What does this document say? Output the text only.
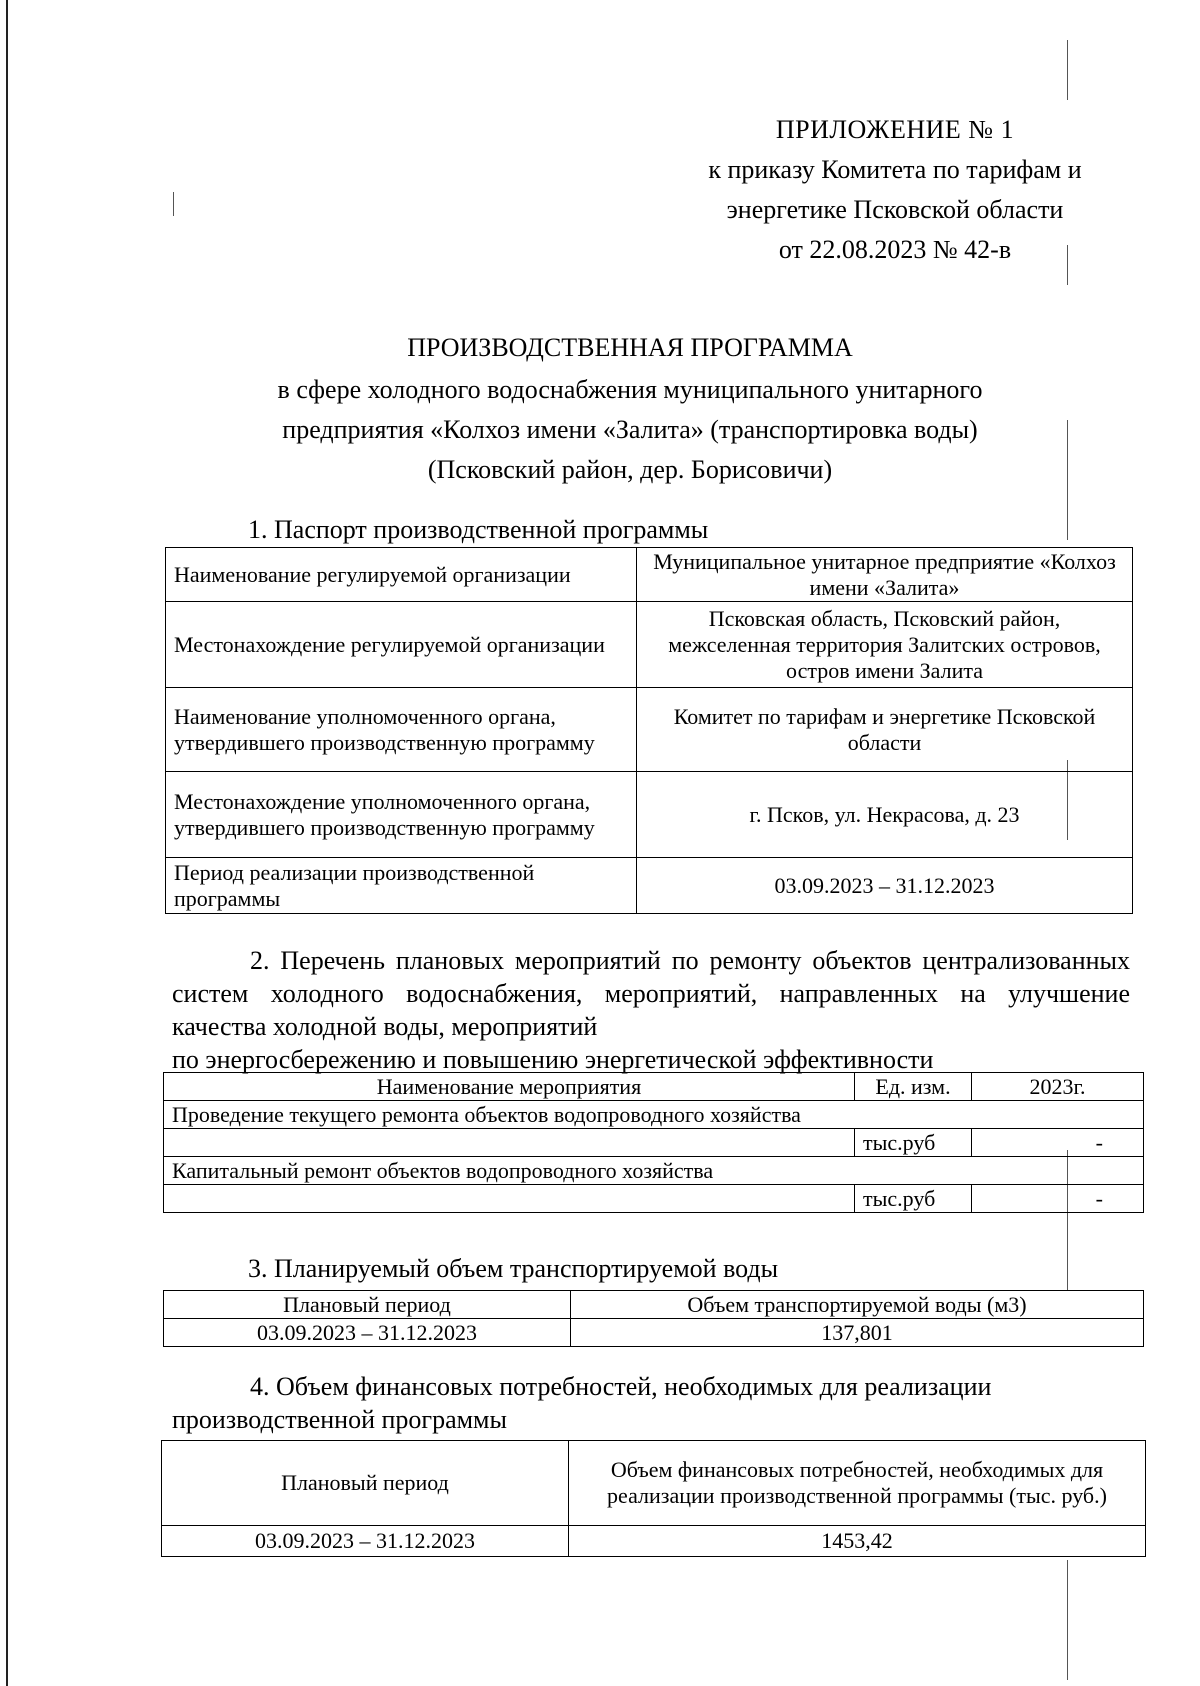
ПРИЛОЖЕНИЕ № 1
к приказу Комитета по тарифам и
энергетике Псковской области
от 22.08.2023 № 42-в
ПРОИЗВОДСТВЕННАЯ ПРОГРАММА
в сфере холодного водоснабжения муниципального унитарного
предприятия «Колхоз имени «Залита» (транспортировка воды)
(Псковский район, дер. Борисовичи)
1. Паспорт производственной программы
Наименование регулируемой организации	Муниципальное унитарное предприятие «Колхоз имени «Залита»
Местонахождение регулируемой организации	Псковская область, Псковский район, межселенная территория Залитских островов, остров имени Залита
Наименование уполномоченного органа, утвердившего производственную программу	Комитет по тарифам и энергетике Псковской области
Местонахождение уполномоченного органа, утвердившего производственную программу	г. Псков, ул. Некрасова, д. 23
Период реализации производственной программы	03.09.2023 – 31.12.2023
2. Перечень плановых мероприятий по ремонту объектов централизованных систем холодного водоснабжения, мероприятий, направленных на улучшение качества холодной воды, мероприятий
по энергосбережению и повышению энергетической эффективности
Наименование мероприятия	Ед. изм.	2023г.
Проведение текущего ремонта объектов водопроводного хозяйства		
	тыс.руб	-
Капитальный ремонт объектов водопроводного хозяйства		
	тыс.руб	-
3. Планируемый объем транспортируемой воды
Плановый период	Объем транспортируемой воды (м3)
03.09.2023 – 31.12.2023	137,801
4. Объем финансовых потребностей, необходимых для реализации
производственной программы
Плановый период	Объем финансовых потребностей, необходимых для реализации производственной программы (тыс. руб.)
03.09.2023 – 31.12.2023	1453,42
